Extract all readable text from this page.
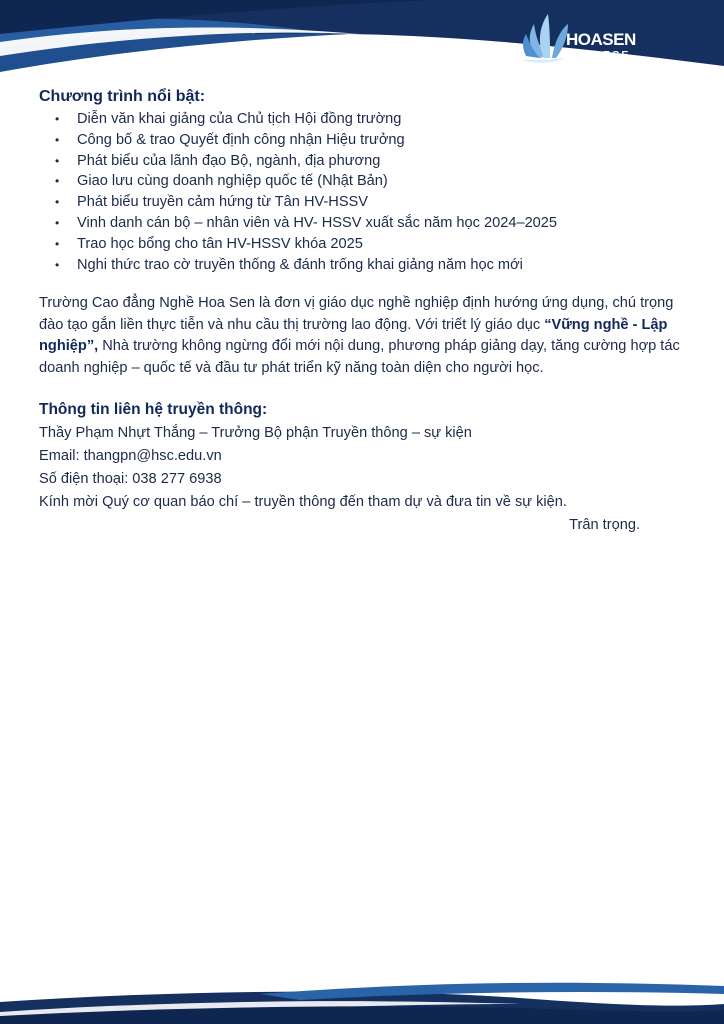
HOASEN
COLLEGE
Chương trình nổi bật:
• Diễn văn khai giảng của Chủ tịch Hội đồng trường
• Công bố & trao Quyết định công nhận Hiệu trưởng
• Phát biểu của lãnh đạo Bộ, ngành, địa phương
• Giao lưu cùng doanh nghiệp quốc tế (Nhật Bản)
• Phát biểu truyền cảm hứng từ Tân HV-HSSV
• Vinh danh cán bộ – nhân viên và HV- HSSV xuất sắc năm học 2024–2025
• Trao học bổng cho tân HV-HSSV khóa 2025
• Nghi thức trao cờ truyền thống & đánh trống khai giảng năm học mới
Trường Cao đẳng Nghề Hoa Sen là đơn vị giáo dục nghề nghiệp định hướng ứng dụng, chú trọng đào tạo gắn liền thực tiễn và nhu cầu thị trường lao động. Với triết lý giáo dục “Vững nghề - Lập nghiệp”, Nhà trường không ngừng đổi mới nội dung, phương pháp giảng dạy, tăng cường hợp tác doanh nghiệp – quốc tế và đầu tư phát triển kỹ năng toàn diện cho người học.
Thông tin liên hệ truyền thông:
Thầy Phạm Nhựt Thắng – Trưởng Bộ phận Truyền thông – sự kiện
Email: thangpn@hsc.edu.vn
Số điện thoại: 038 277 6938
Kính mời Quý cơ quan báo chí – truyền thông đến tham dự và đưa tin về sự kiện.
Trân trọng.
